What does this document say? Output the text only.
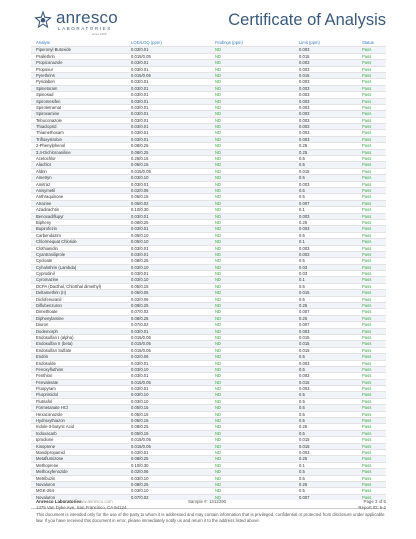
anresco
LABORATORIES
since 1965
Certificate of Analysis
Analyte	LOD/LOQ (ppm)	Findings (ppm)	Limit (ppm)	Status
Piperonyl Butoxide	0.03/0.01	ND	0.003	Pass
Prallethrin	0.015/0.05	ND	0.015	Pass
Propiconazole	0.03/0.01	ND	0.003	Pass
Propoxur	0.03/0.01	ND	0.003	Pass
Pyrethrins	0.015/0.05	ND	0.015	Pass
Pyridaben	0.03/0.01	ND	0.003	Pass
Spinetoram	0.03/0.01	ND	0.003	Pass
Spinosad	0.03/0.01	ND	0.003	Pass
Spiromesifen	0.03/0.01	ND	0.003	Pass
Spirotetramat	0.03/0.01	ND	0.003	Pass
Spiroxamine	0.03/0.01	ND	0.003	Pass
Tebuconazole	0.03/0.01	ND	0.003	Pass
Thiacloprid	0.03/0.01	ND	0.003	Pass
Thiamethoxam	0.03/0.01	ND	0.003	Pass
Trifloxystrobin	0.03/0.01	ND	0.003	Pass
2-Phenylphenol	0.08/0.25	ND	0.25	Pass
3,4-Dichloroaniline	0.08/0.25	ND	0.25	Pass
Acetochlor	0.25/0.15	ND	0.5	Pass
Alachlor	0.05/0.15	ND	0.5	Pass
Aldrin	0.015/0.05	ND	0.015	Pass
Ametryn	0.03/0.10	ND	0.5	Pass
Amitraz	0.03/0.01	ND	0.003	Pass
Anisymetil	0.02/0.06	ND	0.5	Pass
Anthraquinone	0.05/0.15	ND	0.5	Pass
Atrazine	0.05/0.02	ND	0.007	Pass
Azadirachtin	0.10/0.30	ND	0.1	Pass
Benoxadiflupyr	0.03/0.01	ND	0.003	Pass
Bipheny	0.08/0.25	ND	0.25	Pass
Bupirofezin	0.03/0.01	ND	0.003	Pass
Carbendazim	0.05/0.10	ND	0.5	Pass
Chlormequat Chloride	0.05/0.10	ND	0.1	Pass
Clothianidin	0.03/0.01	ND	0.003	Pass
Cyantraniliprole	0.03/0.01	ND	0.003	Pass
Cycloate	0.08/0.25	ND	0.5	Pass
Cyhalothrin (Lambda)	0.03/0.10	ND	0.03	Pass
Cyprodinil	0.03/0.01	ND	0.03	Pass
Cyromazine	0.03/0.10	ND	0.1	Pass
DCPA (Dacthal, Chlorthal dimethyl)	0.05/0.15	ND	0.5	Pass
Deltamethrin (II)	0.05/0.05	ND	0.015	Pass
Diclofenuranil	0.02/0.06	ND	0.5	Pass
Diflubenzuron	0.08/0.25	ND	0.25	Pass
Dimethoate	0.07/0.02	ND	0.007	Pass
Diphenylamine	0.08/0.25	ND	0.25	Pass
Diuron	0.07/0.02	ND	0.007	Pass
Dodemorph	0.03/0.01	ND	0.003	Pass
Endosulfan I (alpha)	0.015/0.05	ND	0.015	Pass
Endosulfan II (beta)	0.015/0.05	ND	0.015	Pass
Endosulfan Sulfate	0.015/0.05	ND	0.015	Pass
Endrin	0.02/0.06	ND	0.5	Pass
Endosulde	0.03/0.01	ND	0.003	Pass
Fenoxyfluthion	0.03/0.10	ND	0.5	Pass
Fenthion	0.03/0.01	ND	0.003	Pass
Fenvalerate	0.015/0.05	ND	0.015	Pass
Fluopyram	0.03/0.01	ND	0.003	Pass
Flurprimidol	0.03/0.10	ND	0.5	Pass
Flutriafol	0.03/0.10	ND	0.5	Pass
Formetanate HCl	0.05/0.15	ND	0.5	Pass
Hexaconazole	0.05/0.15	ND	0.5	Pass
Hydroxythiazon	0.05/0.15	ND	0.5	Pass
Indole-3-butyric Acid	0.08/0.25	ND	0.25	Pass
Indoxacarb	0.05/0.15	ND	0.5	Pass
Iprodione	0.015/0.05	ND	0.015	Pass
Kinoprene	0.015/0.05	ND	0.015	Pass
Mandipropamid	0.03/0.01	ND	0.003	Pass
Metaflumizone	0.08/0.25	ND	0.25	Pass
Methoprene	0.10/0.30	ND	0.1	Pass
Methoxyfenozide	0.02/0.06	ND	0.5	Pass
Metribuzin	0.03/0.10	ND	0.5	Pass
Novaluron	0.08/0.25	ND	0.25	Pass
MGK-264	0.03/0.10	ND	0.5	Pass
Novaluron	0.07/0.02	ND	0.007	Pass
Anresco Laboratories
www.anresco.com
1375 Van Dyke Ave, San Francisco, CA 94124
Sample #: 1312290	Page 3 of 5
Report ID: 5-2
This document is intended only for the use of the party to whom it is addressed and may contain information that is privileged, confidential or protected from disclosure under applicable law. If you have received this document in error, please immediately notify us and return it to the address listed above.
